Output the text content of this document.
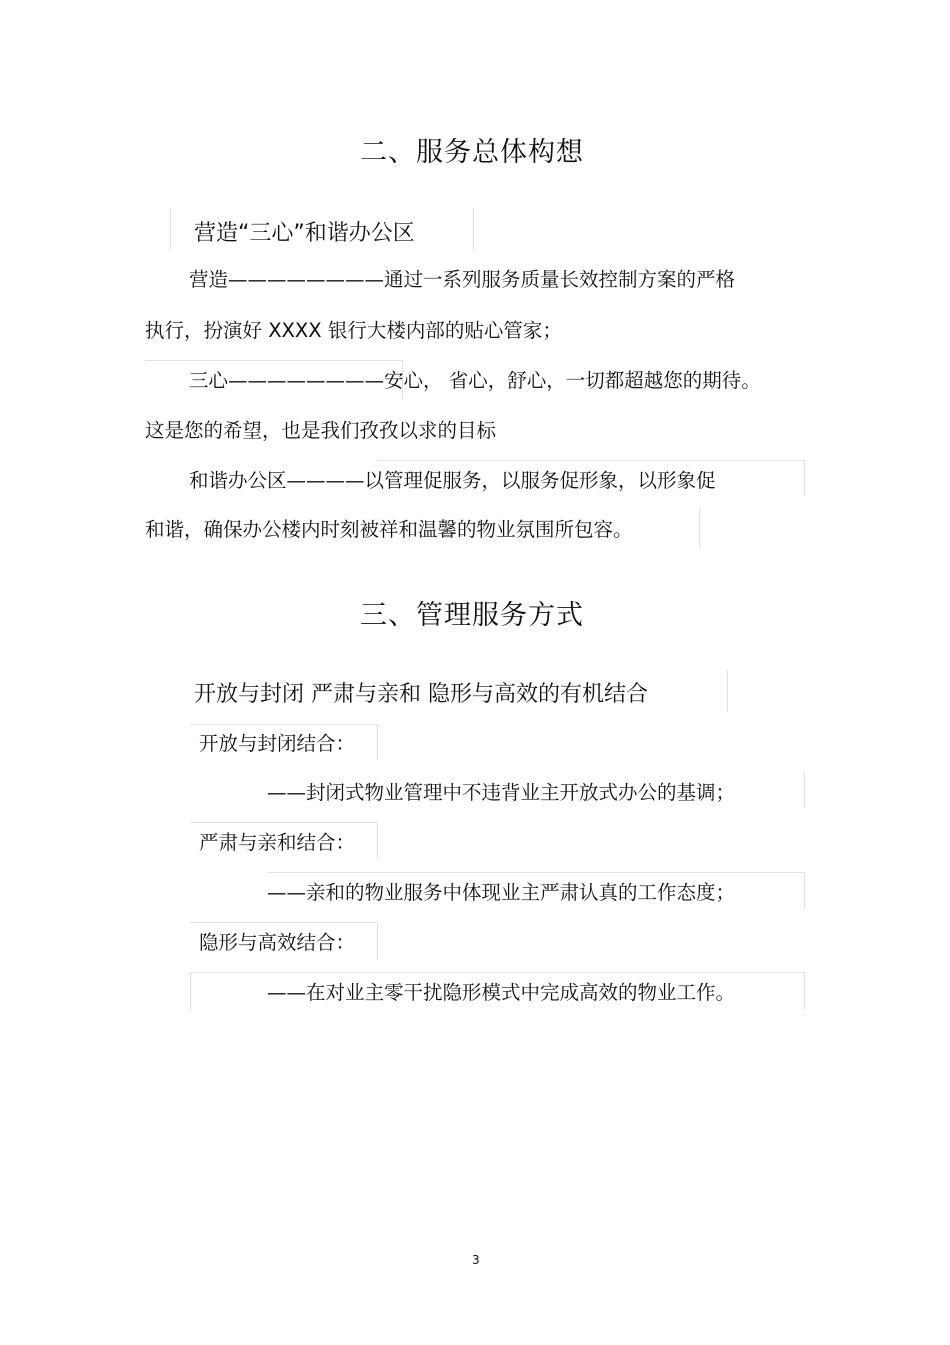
二、服务总体构想
营造“三心”和谐办公区
营造————————通过一系列服务质量长效控制方案的严格
执行，扮演好 XXXX 银行大楼内部的贴心管家；
三心————————安心， 省心，舒心，一切都超越您的期待。
这是您的希望，也是我们孜孜以求的目标
和谐办公区————以管理促服务，以服务促形象，以形象促
和谐，确保办公楼内时刻被祥和温馨的物业氛围所包容。
三、管理服务方式
开放与封闭 严肃与亲和 隐形与高效的有机结合
开放与封闭结合：
——封闭式物业管理中不违背业主开放式办公的基调；
严肃与亲和结合：
——亲和的物业服务中体现业主严肃认真的工作态度；
隐形与高效结合：
——在对业主零干扰隐形模式中完成高效的物业工作。
3
